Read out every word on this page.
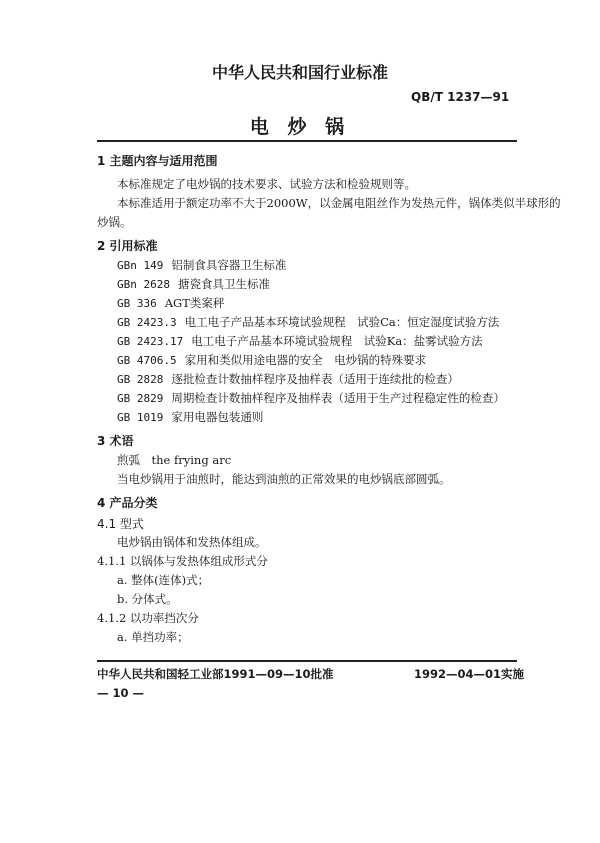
中华人民共和国行业标准
QB/T 1237—91
电 炒 锅
1 主题内容与适用范围
本标准规定了电炒锅的技术要求、试验方法和检验规则等。
本标准适用于额定功率不大于2000W，以金属电阻丝作为发热元件，锅体类似半球形的
炒锅。
2 引用标准
GBn 149 铝制食具容器卫生标准
GBn 2628 搪瓷食具卫生标准
GB 336 AGT类案秤
GB 2423.3 电工电子产品基本环境试验规程　试验Ca：恒定湿度试验方法
GB 2423.17 电工电子产品基本环境试验规程　试验Ka：盐雾试验方法
GB 4706.5 家用和类似用途电器的安全　电炒锅的特殊要求
GB 2828 逐批检查计数抽样程序及抽样表（适用于连续批的检查）
GB 2829 周期检查计数抽样程序及抽样表（适用于生产过程稳定性的检查）
GB 1019 家用电器包装通则
3 术语
煎弧　the frying arc
当电炒锅用于油煎时，能达到油煎的正常效果的电炒锅底部圆弧。
4 产品分类
4.1 型式
电炒锅由锅体和发热体组成。
4.1.1 以锅体与发热体组成形式分
a. 整体(连体)式；
b. 分体式。
4.1.2 以功率挡次分
a. 单挡功率；
中华人民共和国轻工业部1991—09—10批准	1992—04—01实施
— 10 —
